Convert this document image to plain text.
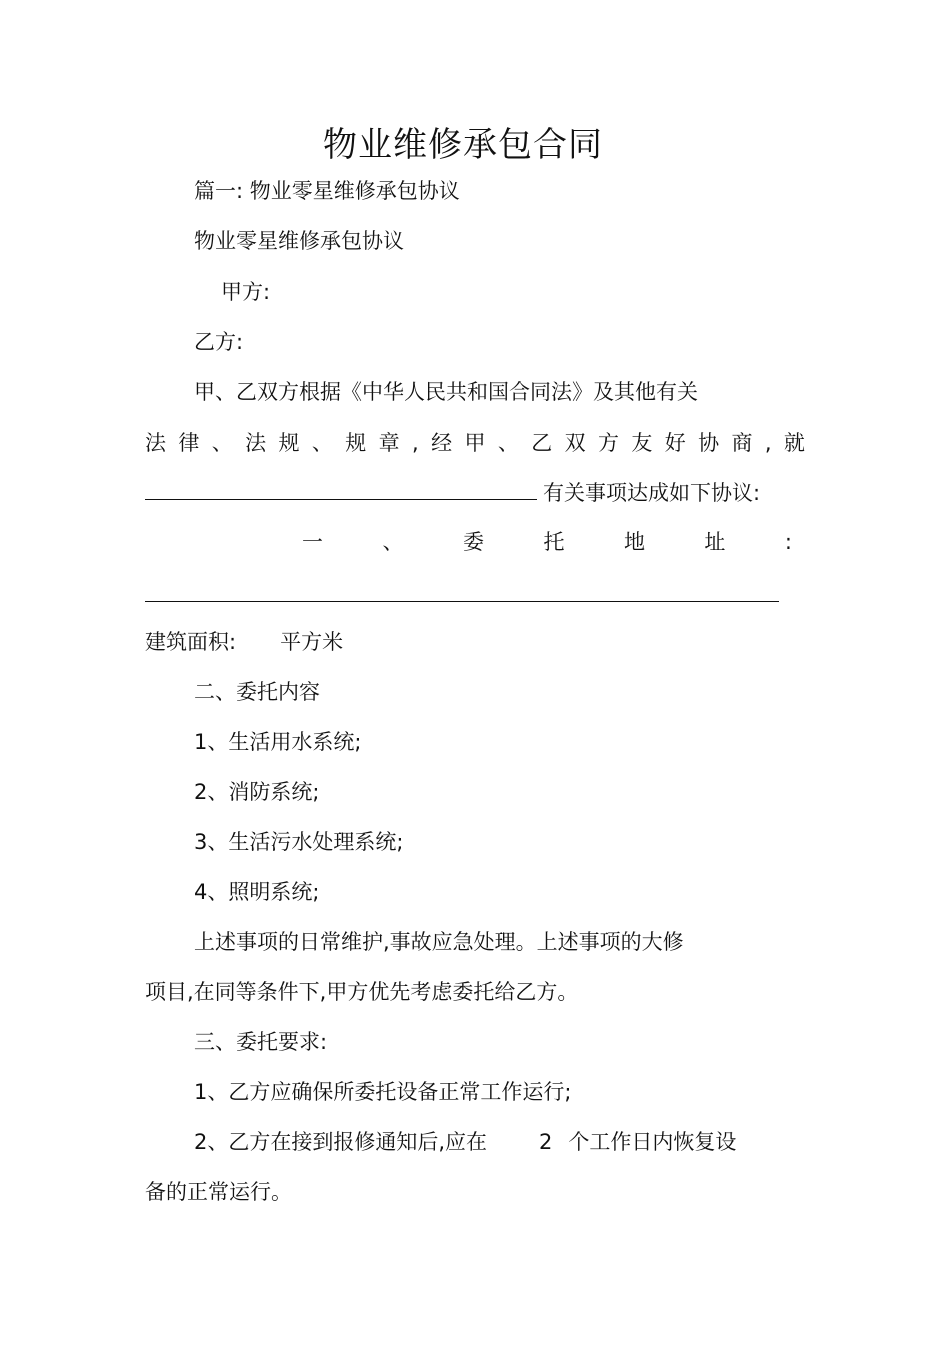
物业维修承包合同
篇一: 物业零星维修承包协议
物业零星维修承包协议
甲方:
乙方:
甲、乙双方根据《中华人民共和国合同法》及其他有关
法 律 、 法 规 、 规 章 , 经 甲 、 乙 双 方 友 好 协 商 , 就
有关事项达成如下协议:
一	、	委	托	地	址	:
建筑面积: 平方米
二、委托内容
1、生活用水系统;
2、消防系统;
3、生活污水处理系统;
4、照明系统;
上述事项的日常维护,事故应急处理。上述事项的大修
项目,在同等条件下,甲方优先考虑委托给乙方。
三、委托要求:
1、乙方应确保所委托设备正常工作运行;
2、乙方在接到报修通知后,应在 2 个工作日内恢复设
备的正常运行。
